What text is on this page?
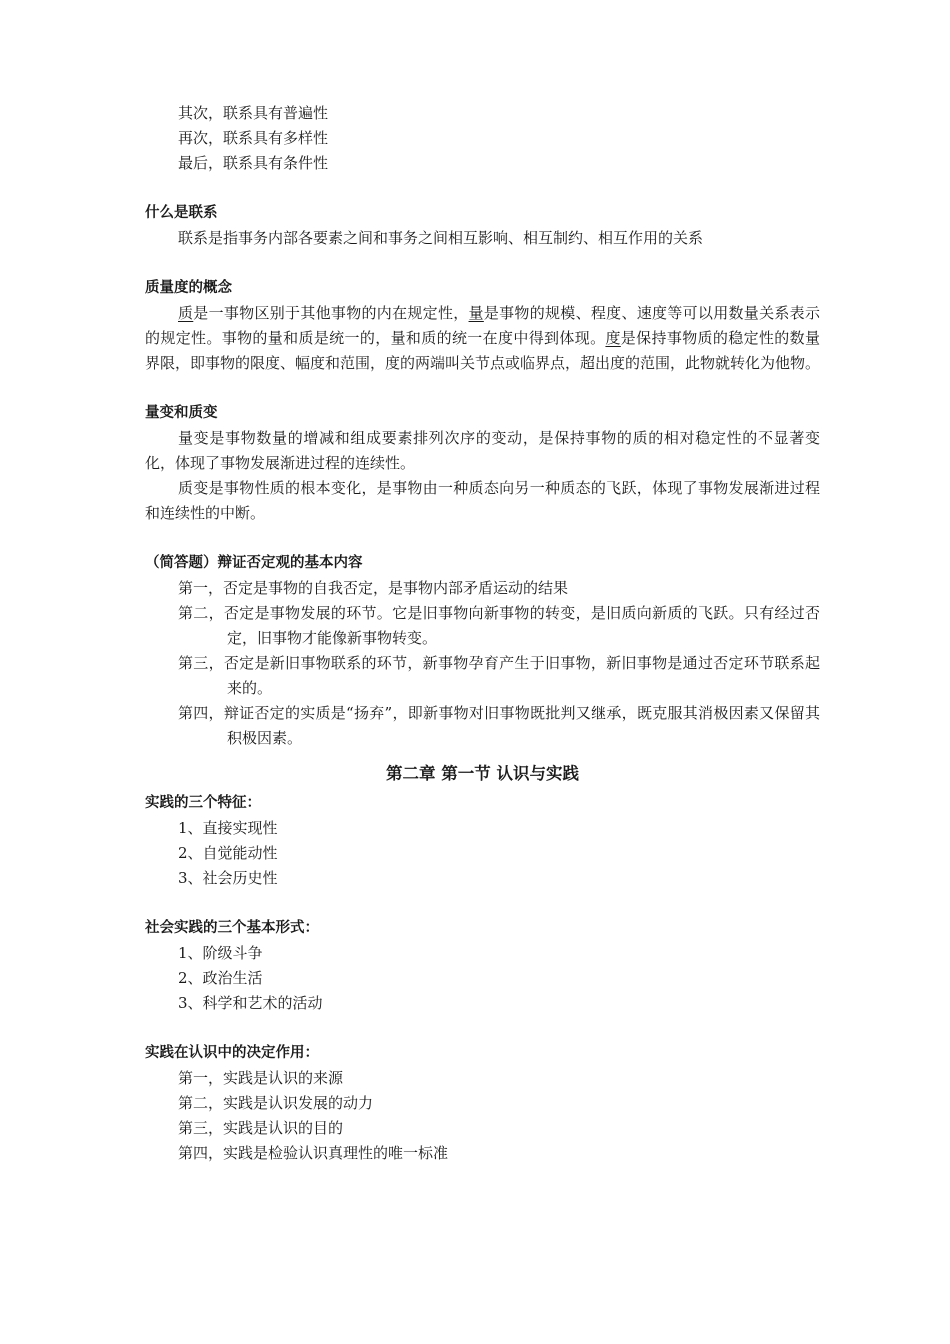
其次，联系具有普遍性

再次，联系具有多样性

最后，联系具有条件性

什么是联系

联系是指事务内部各要素之间和事务之间相互影响、相互制约、相互作用的关系

质量度的概念

质是一事物区别于其他事物的内在规定性，量是事物的规模、程度、速度等可以用数量关系表示的规定性。事物的量和质是统一的，量和质的统一在度中得到体现。度是保持事物质的稳定性的数量界限，即事物的限度、幅度和范围，度的两端叫关节点或临界点，超出度的范围，此物就转化为他物。

量变和质变

量变是事物数量的增减和组成要素排列次序的变动，是保持事物的质的相对稳定性的不显著变化，体现了事物发展渐进过程的连续性。

质变是事物性质的根本变化，是事物由一种质态向另一种质态的飞跃，体现了事物发展渐进过程和连续性的中断。

（简答题）辩证否定观的基本内容

第一，否定是事物的自我否定，是事物内部矛盾运动的结果

第二，否定是事物发展的环节。它是旧事物向新事物的转变，是旧质向新质的飞跃。只有经过否定，旧事物才能像新事物转变。

第三，否定是新旧事物联系的环节，新事物孕育产生于旧事物，新旧事物是通过否定环节联系起来的。

第四，辩证否定的实质是“扬弃”，即新事物对旧事物既批判又继承，既克服其消极因素又保留其积极因素。

第二章 第一节 认识与实践

实践的三个特征：

1、直接实现性

2、自觉能动性

3、社会历史性

社会实践的三个基本形式：

1、阶级斗争

2、政治生活

3、科学和艺术的活动

实践在认识中的决定作用：

第一，实践是认识的来源

第二，实践是认识发展的动力

第三，实践是认识的目的

第四，实践是检验认识真理性的唯一标准
